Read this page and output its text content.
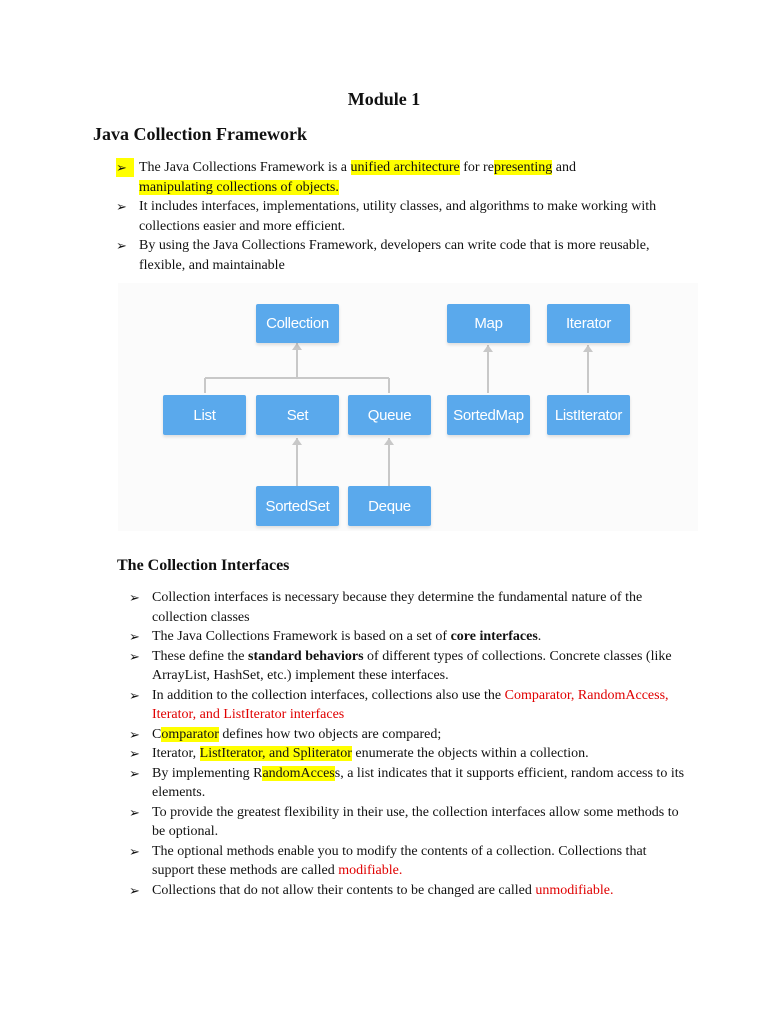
Module 1
Java Collection Framework
➢ The Java Collections Framework is a unified architecture for representing and
manipulating collections of objects.
➢ It includes interfaces, implementations, utility classes, and algorithms to make working with collections easier and more efficient.
➢ By using the Java Collections Framework, developers can write code that is more reusable, flexible, and maintainable
Collection	Map	Iterator
List	Set	Queue	SortedMap	ListIterator
SortedSet	Deque
The Collection Interfaces
➢ Collection interfaces is necessary because they determine the fundamental nature of the collection classes
➢ The Java Collections Framework is based on a set of core interfaces.
➢ These define the standard behaviors of different types of collections. Concrete classes (like ArrayList, HashSet, etc.) implement these interfaces.
➢ In addition to the collection interfaces, collections also use the Comparator, RandomAccess, Iterator, and ListIterator interfaces
➢ Comparator defines how two objects are compared;
➢ Iterator, ListIterator, and Spliterator enumerate the objects within a collection.
➢ By implementing RandomAccess, a list indicates that it supports efficient, random access to its elements.
➢ To provide the greatest flexibility in their use, the collection interfaces allow some methods to be optional.
➢ The optional methods enable you to modify the contents of a collection. Collections that support these methods are called modifiable.
➢ Collections that do not allow their contents to be changed are called unmodifiable.
